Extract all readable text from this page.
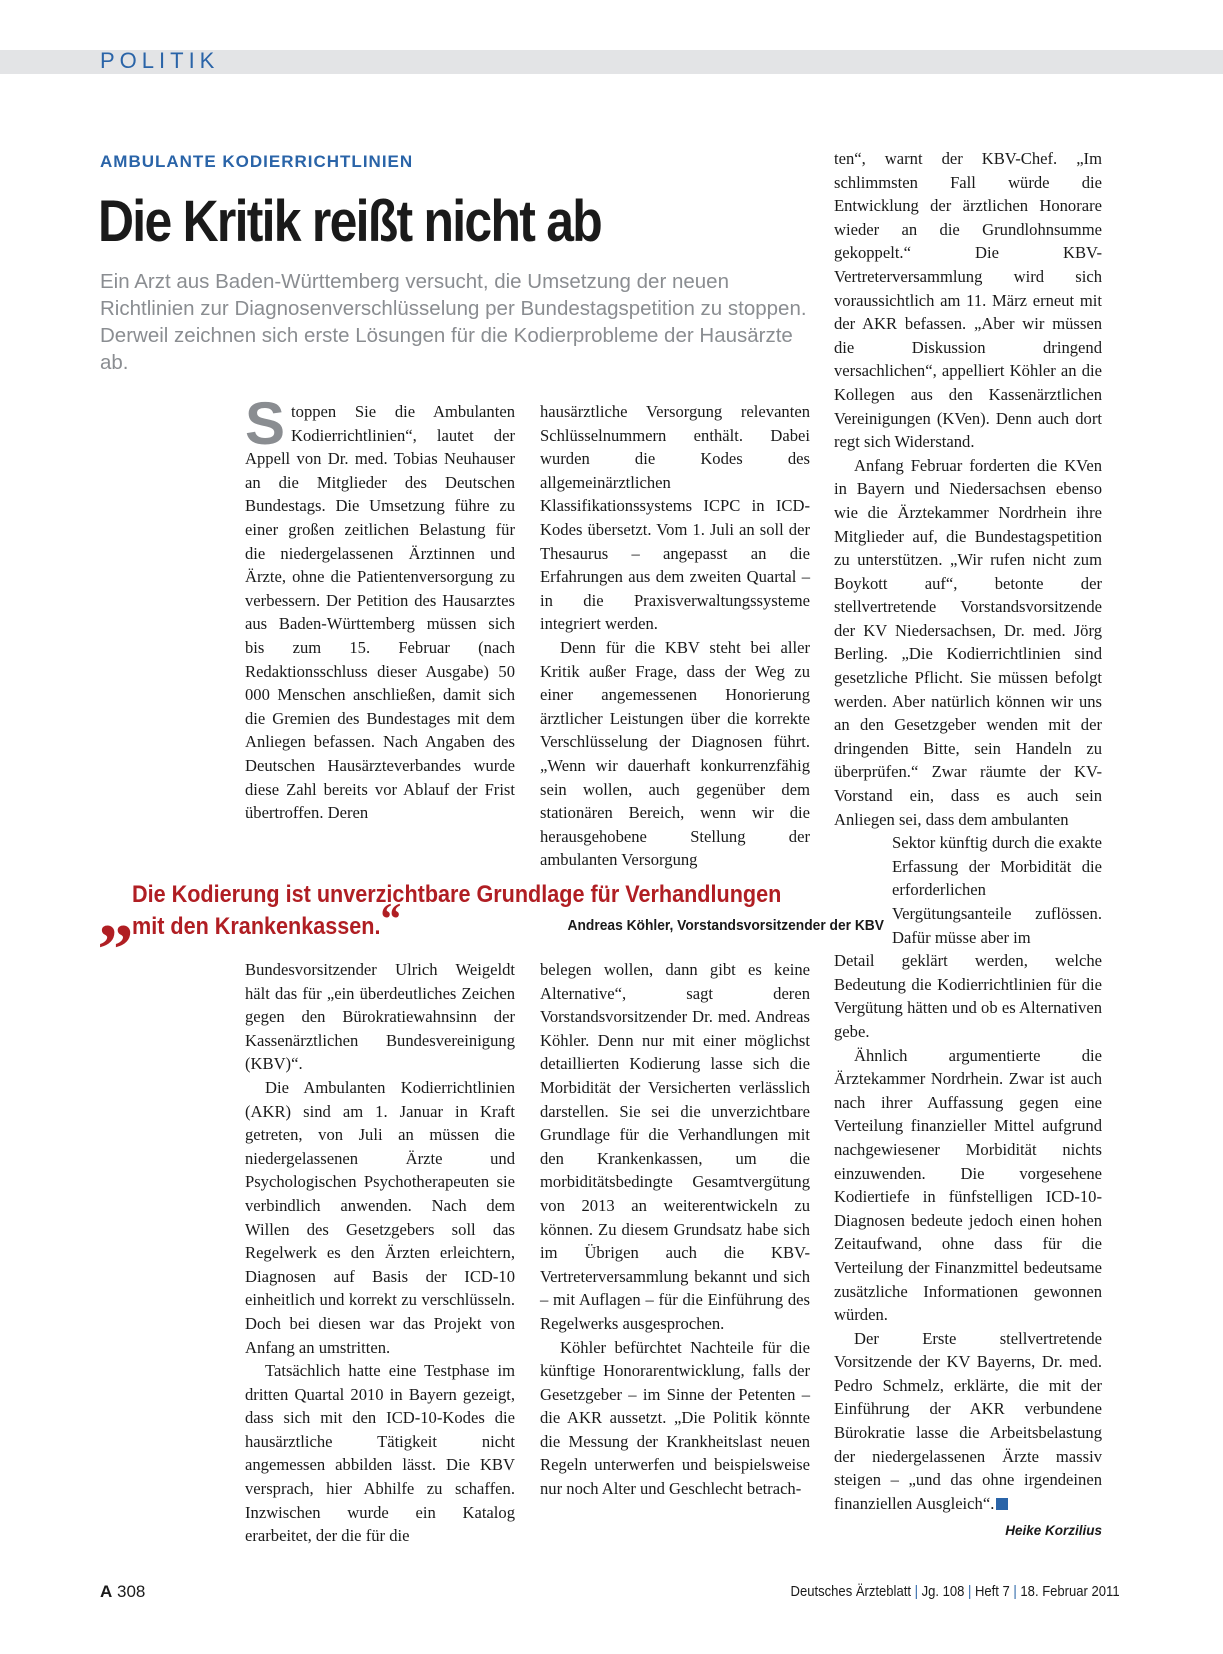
POLITIK
AMBULANTE KODIERRICHTLINIEN
Die Kritik reißt nicht ab
Ein Arzt aus Baden-Württemberg versucht, die Umsetzung der neuen Richtlinien zur Diagnosenverschlüsselung per Bundestagspetition zu stoppen. Derweil zeichnen sich erste Lösungen für die Kodierprobleme der Hausärzte ab.

Stoppen Sie die Ambulanten Kodierrichtlinien“, lautet der Appell von Dr. med. Tobias Neuhauser an die Mitglieder des Deutschen Bundestags. Die Umsetzung führe zu einer großen zeitlichen Belastung für die niedergelassenen Ärztinnen und Ärzte, ohne die Patientenversorgung zu verbessern. Der Petition des Hausarztes aus Baden-Württemberg müssen sich bis zum 15. Februar (nach Redaktionsschluss dieser Ausgabe) 50 000 Menschen anschließen, damit sich die Gremien des Bundestages mit dem Anliegen befassen. Nach Angaben des Deutschen Hausärzteverbandes wurde diese Zahl bereits vor Ablauf der Frist übertroffen. Deren

hausärztliche Versorgung relevanten Schlüsselnummern enthält. Dabei wurden die Kodes des allgemeinärztlichen Klassifikationssystems ICPC in ICD-Kodes übersetzt. Vom 1. Juli an soll der Thesaurus – angepasst an die Erfahrungen aus dem zweiten Quartal – in die Praxisverwaltungssysteme integriert werden.

Denn für die KBV steht bei aller Kritik außer Frage, dass der Weg zu einer angemessenen Honorierung ärztlicher Leistungen über die korrekte Verschlüsselung der Diagnosen führt. „Wenn wir dauerhaft konkurrenzfähig sein wollen, auch gegenüber dem stationären Bereich, wenn wir die herausgehobene Stellung der ambulanten Versorgung

ten“, warnt der KBV-Chef. „Im schlimmsten Fall würde die Entwicklung der ärztlichen Honorare wieder an die Grundlohnsumme gekoppelt.“ Die KBV-Vertreterversammlung wird sich voraussichtlich am 11. März erneut mit der AKR befassen. „Aber wir müssen die Diskussion dringend versachlichen“, appelliert Köhler an die Kollegen aus den Kassenärztlichen Vereinigungen (KVen). Denn auch dort regt sich Widerstand.

Anfang Februar forderten die KVen in Bayern und Niedersachsen ebenso wie die Ärztekammer Nordrhein ihre Mitglieder auf, die Bundestagspetition zu unterstützen. „Wir rufen nicht zum Boykott auf“, betonte der stellvertretende Vorstandsvorsitzende der KV Niedersachsen, Dr. med. Jörg Berling. „Die Kodierrichtlinien sind gesetzliche Pflicht. Sie müssen befolgt werden. Aber natürlich können wir uns an den Gesetzgeber wenden mit der dringenden Bitte, sein Handeln zu überprüfen.“ Zwar räumte der KV-Vorstand ein, dass es auch sein Anliegen sei, dass dem ambulanten

Sektor künftig durch die exakte Erfassung der Morbidität die erforderlichen Vergütungsanteile zuflössen. Dafür müsse aber im

Detail geklärt werden, welche Bedeutung die Kodierrichtlinien für die Vergütung hätten und ob es Alternativen gebe.

Ähnlich argumentierte die Ärztekammer Nordrhein. Zwar ist auch nach ihrer Auffassung gegen eine Verteilung finanzieller Mittel aufgrund nachgewiesener Morbidität nichts einzuwenden. Die vorgesehene Kodiertiefe in fünfstelligen ICD-10-Diagnosen bedeute jedoch einen hohen Zeitaufwand, ohne dass für die Verteilung der Finanzmittel bedeutsame zusätzliche Informationen gewonnen würden.

Der Erste stellvertretende Vorsitzende der KV Bayerns, Dr. med. Pedro Schmelz, erklärte, die mit der Einführung der AKR verbundene Bürokratie lasse die Arbeitsbelastung der niedergelassenen Ärzte massiv steigen – „und das ohne irgendeinen finanziellen Ausgleich“.

Heike Korzilius
„
Die Kodierung ist unverzichtbare Grundlage für Verhandlungen mit den Krankenkassen.“	Andreas Köhler, Vorstandsvorsitzender der KBV

Bundesvorsitzender Ulrich Weigeldt hält das für „ein überdeutliches Zeichen gegen den Bürokratiewahnsinn der Kassenärztlichen Bundesvereinigung (KBV)“.

Die Ambulanten Kodierrichtlinien (AKR) sind am 1. Januar in Kraft getreten, von Juli an müssen die niedergelassenen Ärzte und Psychologischen Psychotherapeuten sie verbindlich anwenden. Nach dem Willen des Gesetzgebers soll das Regelwerk es den Ärzten erleichtern, Diagnosen auf Basis der ICD-10 einheitlich und korrekt zu verschlüsseln. Doch bei diesen war das Projekt von Anfang an umstritten.

Tatsächlich hatte eine Testphase im dritten Quartal 2010 in Bayern gezeigt, dass sich mit den ICD-10-Kodes die hausärztliche Tätigkeit nicht angemessen abbilden lässt. Die KBV versprach, hier Abhilfe zu schaffen. Inzwischen wurde ein Katalog erarbeitet, der die für die

belegen wollen, dann gibt es keine Alternative“, sagt deren Vorstandsvorsitzender Dr. med. Andreas Köhler. Denn nur mit einer möglichst detaillierten Kodierung lasse sich die Morbidität der Versicherten verlässlich darstellen. Sie sei die unverzichtbare Grundlage für die Verhandlungen mit den Krankenkassen, um die morbiditätsbedingte Gesamtvergütung von 2013 an weiterentwickeln zu können. Zu diesem Grundsatz habe sich im Übrigen auch die KBV-Vertreterversammlung bekannt und sich – mit Auflagen – für die Einführung des Regelwerks ausgesprochen.

Köhler befürchtet Nachteile für die künftige Honorarentwicklung, falls der Gesetzgeber – im Sinne der Petenten – die AKR aussetzt. „Die Politik könnte die Messung der Krankheitslast neuen Regeln unterwerfen und beispielsweise nur noch Alter und Geschlecht betrach-

A 308	Deutsches Ärzteblatt | Jg. 108 | Heft 7 | 18. Februar 2011
